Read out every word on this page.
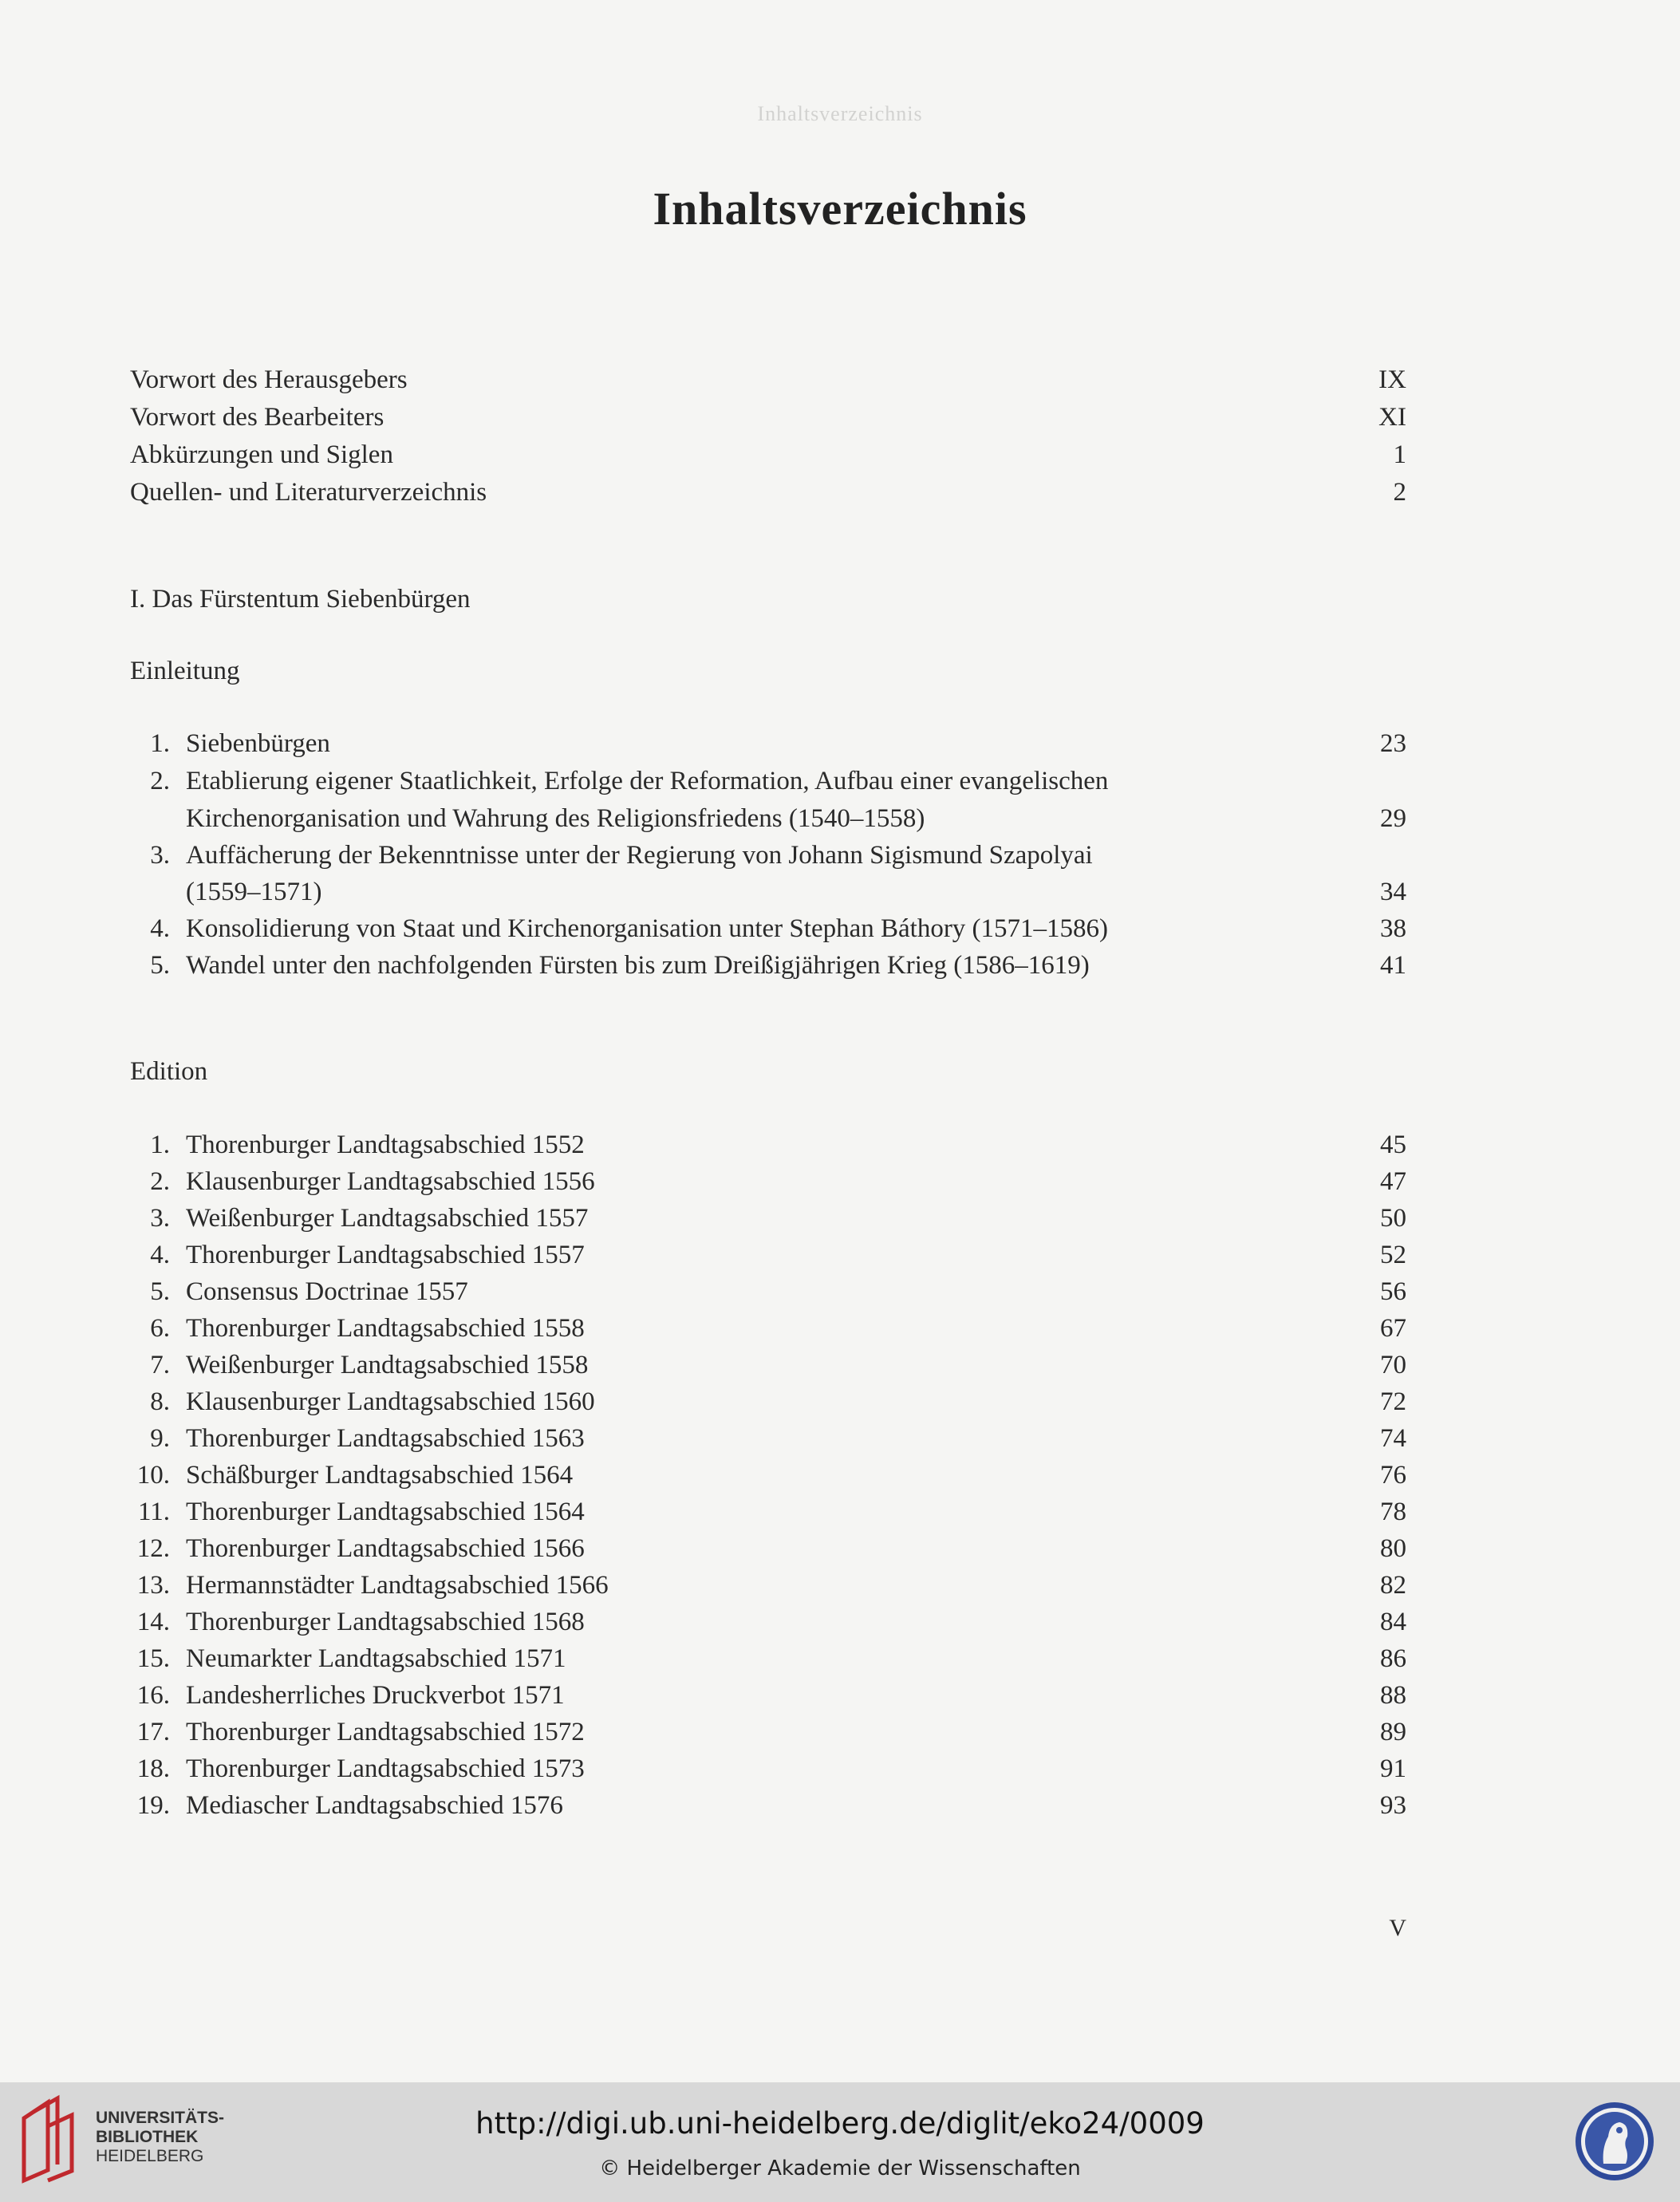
Inhaltsverzeichnis
Inhaltsverzeichnis
Vorwort des Herausgebers	IX
Vorwort des Bearbeiters	XI
Abkürzungen und Siglen	1
Quellen- und Literaturverzeichnis	2
I. Das Fürstentum Siebenbürgen
Einleitung
1. Siebenbürgen	23
2. Etablierung eigener Staatlichkeit, Erfolge der Reformation, Aufbau einer evangelischen
Kirchenorganisation und Wahrung des Religionsfriedens (1540–1558)	29
3. Auffächerung der Bekenntnisse unter der Regierung von Johann Sigismund Szapolyai
(1559–1571)	34
4. Konsolidierung von Staat und Kirchenorganisation unter Stephan Báthory (1571–1586)	38
5. Wandel unter den nachfolgenden Fürsten bis zum Dreißigjährigen Krieg (1586–1619)	41
Edition
1. Thorenburger Landtagsabschied 1552	45
2. Klausenburger Landtagsabschied 1556	47
3. Weißenburger Landtagsabschied 1557	50
4. Thorenburger Landtagsabschied 1557	52
5. Consensus Doctrinae 1557	56
6. Thorenburger Landtagsabschied 1558	67
7. Weißenburger Landtagsabschied 1558	70
8. Klausenburger Landtagsabschied 1560	72
9. Thorenburger Landtagsabschied 1563	74
10. Schäßburger Landtagsabschied 1564	76
11. Thorenburger Landtagsabschied 1564	78
12. Thorenburger Landtagsabschied 1566	80
13. Hermannstädter Landtagsabschied 1566	82
14. Thorenburger Landtagsabschied 1568	84
15. Neumarkter Landtagsabschied 1571	86
16. Landesherrliches Druckverbot 1571	88
17. Thorenburger Landtagsabschied 1572	89
18. Thorenburger Landtagsabschied 1573	91
19. Mediascher Landtagsabschied 1576	93
V
UNIVERSITÄTS-
BIBLIOTHEK
HEIDELBERG
http://digi.ub.uni-heidelberg.de/diglit/eko24/0009
© Heidelberger Akademie der Wissenschaften
